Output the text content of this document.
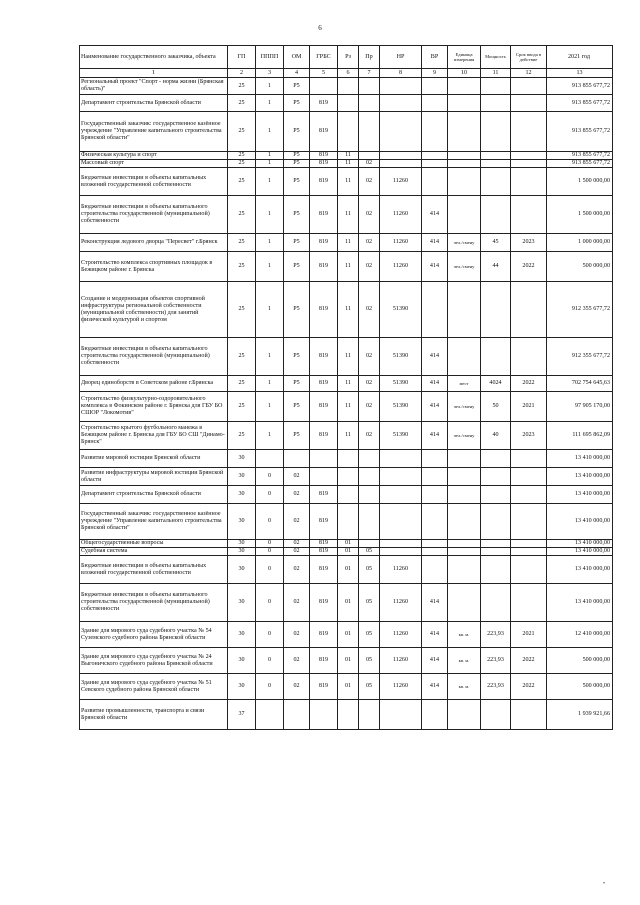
6
Наименование государственного заказчика, объекта	ГП	ПППП	ОМ	ГРБС	Рз	Пр	НР	ВР	Единица измерения	Мощность	Срок ввода в действие	2021 год
1	2	3	4	5	6	7	8	9	10	11	12	13
Региональный проект "Спорт - норма жизни (Брянская область)"	25	1	P5									913 855 677,72
Департамент строительства Брянской области	25	1	P5	819								913 855 677,72
Государственный заказчик: государственное казённое учреждение "Управление капитального строительства Брянской области"	25	1	P5	819								913 855 677,72
Физическая культура и спорт	25	1	P5	819	11							913 855 677,72
Массовый спорт	25	1	P5	819	11	02						913 855 677,72
Бюджетные инвестиции в объекты капитальных вложений государственной собственности	25	1	P5	819	11	02	11260					1 500 000,00
Бюджетные инвестиции в объекты капитального строительства государственной (муниципальной) собственности	25	1	P5	819	11	02	11260	414				1 500 000,00
Реконструкция ледового дворца "Пересвет" г.Брянск	25	1	P5	819	11	02	11260	414	чел./смену	45	2023	1 000 000,00
Строительство комплекса спортивных площадок в Бежицком районе г. Брянска	25	1	P5	819	11	02	11260	414	чел./смену	44	2022	500 000,00
Создание и модернизация объектов спортивной инфраструктуры региональной собственности (муниципальной собственности) для занятий физической культурой и спортом	25	1	P5	819	11	02	51390					912 355 677,72
Бюджетные инвестиции в объекты капитального строительства государственной (муниципальной) собственности	25	1	P5	819	11	02	51390	414				912 355 677,72
Дворец единоборств в Советском районе г.Брянска	25	1	P5	819	11	02	51390	414	мест	4024	2022	702 754 645,63
Строительство физкультурно-оздоровительного комплекса в Фокинском районе г. Брянска для ГБУ БО СШОР "Локомотив"	25	1	P5	819	11	02	51390	414	чел./смену	50	2021	97 905 170,00
Строительство крытого футбольного манежа в Бежицком районе г. Брянска для ГБУ БО СШ "Динамо-Брянск"	25	1	P5	819	11	02	51390	414	чел./смену	40	2023	111 695 862,09
Развитие мировой юстиции Брянской области	30											13 410 000,00
Развитие инфраструктуры мировой юстиции Брянской области	30	0	02									13 410 000,00
Департамент строительства Брянской области	30	0	02	819								13 410 000,00
Государственный заказчик: государственное казённое учреждение "Управление капитального строительства Брянской области"	30	0	02	819								13 410 000,00
Общегосударственные вопросы	30	0	02	819	01							13 410 000,00
Судебная система	30	0	02	819	01	05						13 410 000,00
Бюджетные инвестиции в объекты капитальных вложений государственной собственности	30	0	02	819	01	05	11260					13 410 000,00
Бюджетные инвестиции в объекты капитального строительства государственной (муниципальной) собственности	30	0	02	819	01	05	11260	414				13 410 000,00
Здание для мирового суда судебного участка № 54 Суземского судебного района Брянской области	30	0	02	819	01	05	11260	414	кв. м.	223,93	2021	12 410 000,00
Здание для мирового суда судебного участка № 24 Выгоничского судебного района Брянской области	30	0	02	819	01	05	11260	414	кв. м.	223,93	2022	500 000,00
Здание для мирового суда судебного участка № 51 Севского судебного района Брянской области	30	0	02	819	01	05	11260	414	кв. м.	223,93	2022	500 000,00
Развитие промышленности, транспорта и связи Брянской области	37											1 939 921,66
•
